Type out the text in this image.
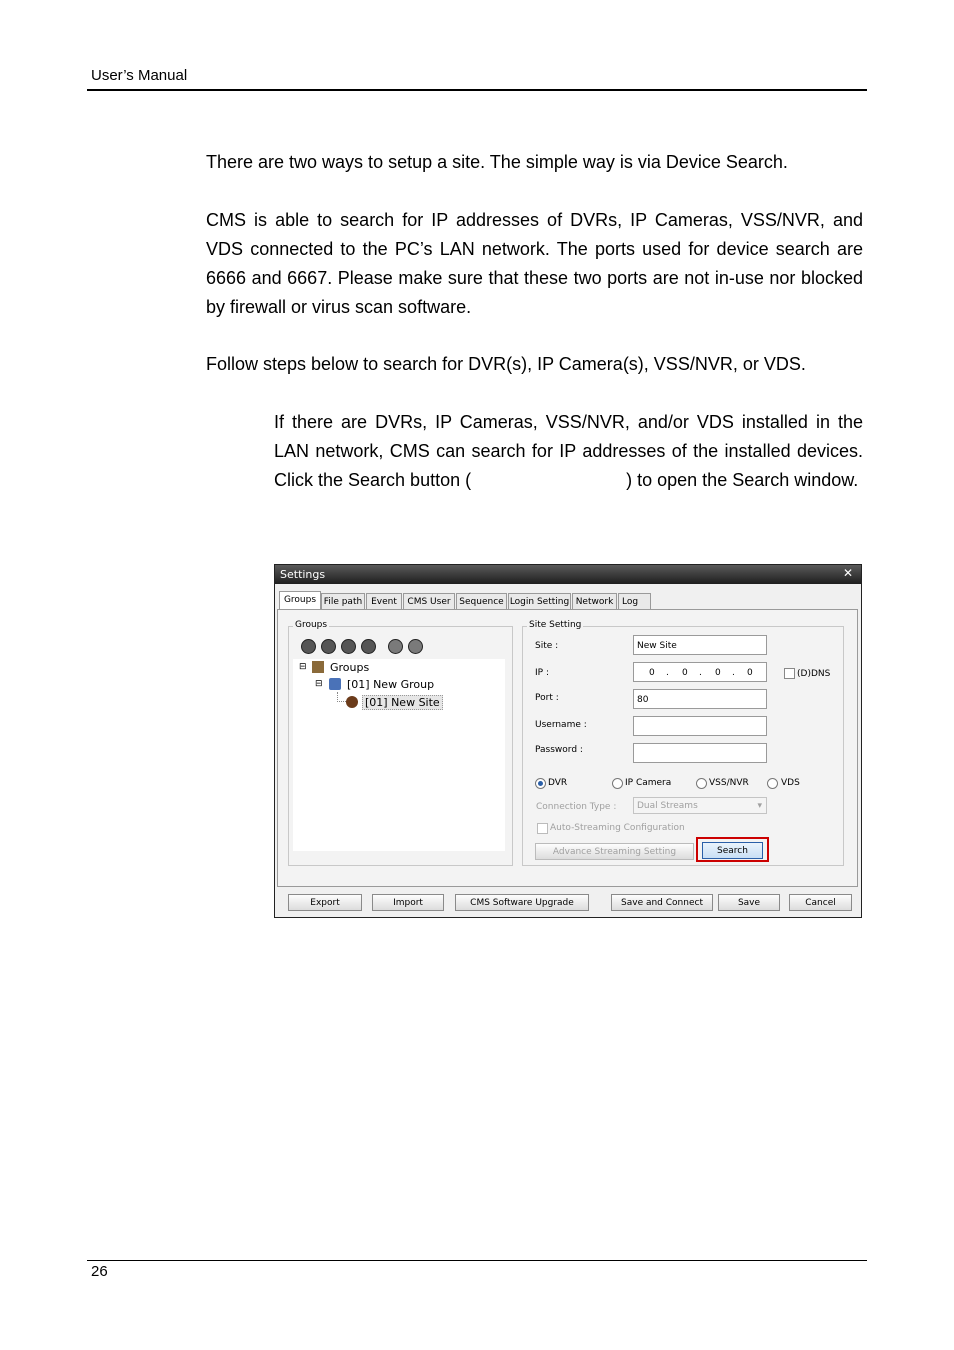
User’s Manual
There are two ways to setup a site. The simple way is via Device Search.
CMS is able to search for IP addresses of DVRs, IP Cameras, VSS/NVR, and VDS connected to the PC’s LAN network. The ports used for device search are 6666 and 6667. Please make sure that these two ports are not in-use nor blocked by firewall or virus scan software.
Follow steps below to search for DVR(s), IP Camera(s), VSS/NVR, or VDS.
If there are DVRs, IP Cameras, VSS/NVR, and/or VDS installed in the LAN network, CMS can search for IP addresses of the installed devices. Click the Search button (                               ) to open the Search window.
Settings	✕
Groups File path Event	CMS User Sequence Login Setting Network Log
Groups
⊟ Groups
⊟ [01] New Group
[01] New Site
Site Setting
Site :	New Site
IP :	0 . 0 . 0 . 0	(D)DNS
Port :	80
Username :
Password :
DVR	IP Camera	VSS/NVR	VDS
Connection Type :	Dual Streams	▾
Auto-Streaming Configuration
Advance Streaming Setting	Search
Export	Import	CMS Software Upgrade	Save and Connect	Save	Cancel
26
